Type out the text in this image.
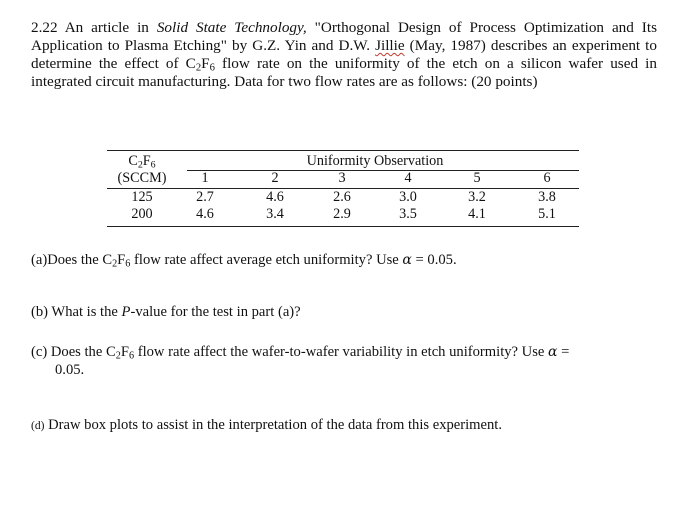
2.22 An article in Solid State Technology, "Orthogonal Design of Process Optimization and Its Application to Plasma Etching" by G.Z. Yin and D.W. Jillie (May, 1987) describes an experiment to determine the effect of $C_2F_6$ flow rate on the uniformity of the etch on a silicon wafer used in integrated circuit manufacturing. Data for two flow rates are as follows: (20 points)
$C_2F_6$	Uniformity Observation
(SCCM)	1	2	3	4	5	6
125	2.7	4.6	2.6	3.0	3.2	3.8
200	4.6	3.4	2.9	3.5	4.1	5.1
(a)Does the $C_2F_6$ flow rate affect average etch uniformity? Use α = 0.05.
(b) What is the P-value for the test in part (a)?
(c) Does the $C_2F_6$ flow rate affect the wafer-to-wafer variability in etch uniformity? Use α =
0.05.
(d) Draw box plots to assist in the interpretation of the data from this experiment.
